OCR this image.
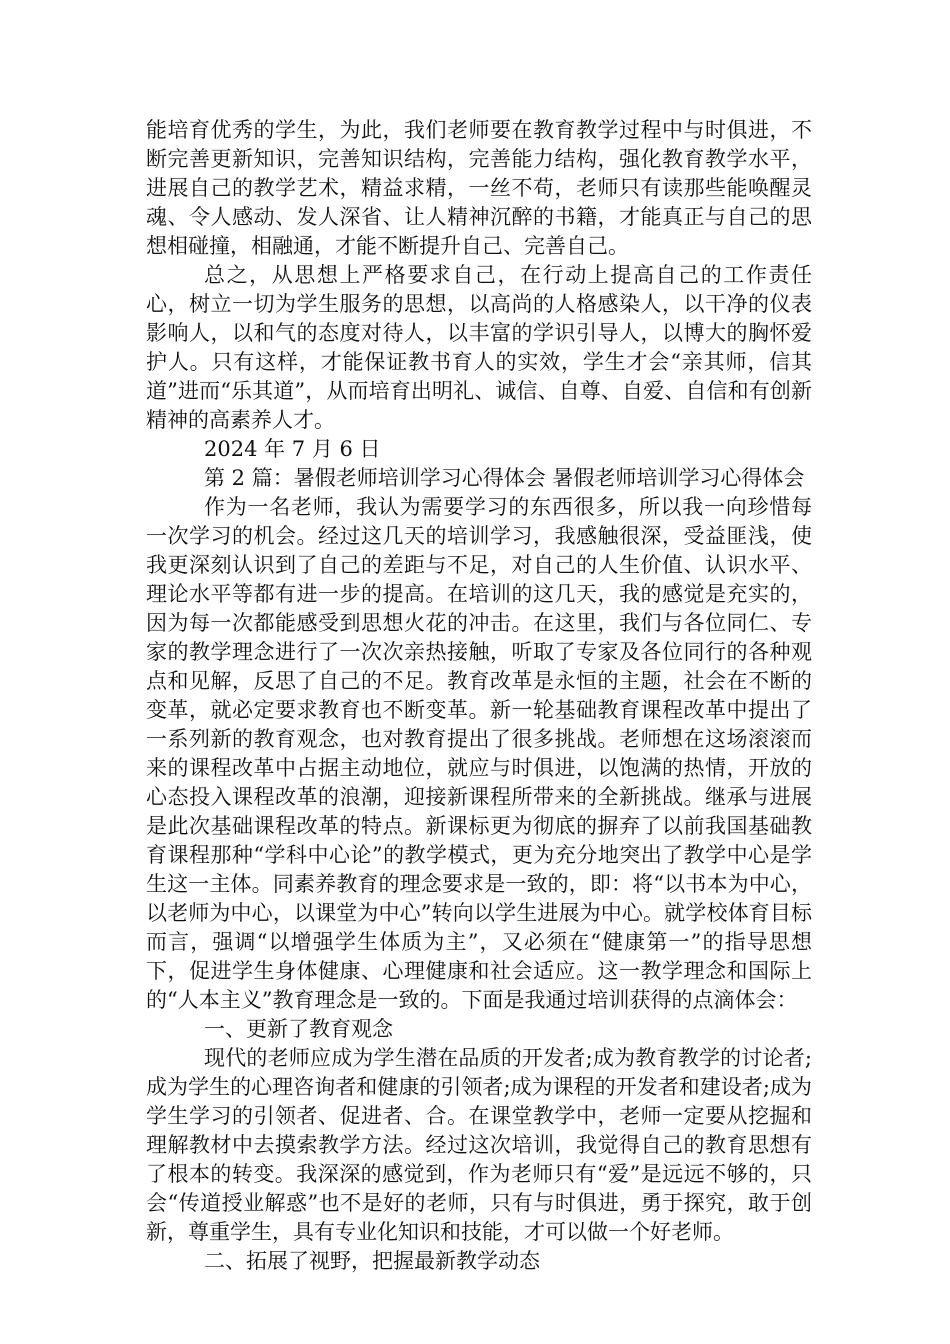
能培育优秀的学生，为此，我们老师要在教育教学过程中与时俱进，不断完善更新知识，完善知识结构，完善能力结构，强化教育教学水平，进展自己的教学艺术，精益求精，一丝不苟，老师只有读那些能唤醒灵魂、令人感动、发人深省、让人精神沉醉的书籍，才能真正与自己的思想相碰撞，相融通，才能不断提升自己、完善自己。

总之，从思想上严格要求自己，在行动上提高自己的工作责任心，树立一切为学生服务的思想，以高尚的人格感染人，以干净的仪表影响人，以和气的态度对待人，以丰富的学识引导人，以博大的胸怀爱护人。只有这样，才能保证教书育人的实效，学生才会“亲其师，信其道”进而“乐其道”，从而培育出明礼、诚信、自尊、自爱、自信和有创新精神的高素养人才。

2024 年 7 月 6 日

第 2 篇：暑假老师培训学习心得体会 暑假老师培训学习心得体会

作为一名老师，我认为需要学习的东西很多，所以我一向珍惜每一次学习的机会。经过这几天的培训学习，我感触很深，受益匪浅，使我更深刻认识到了自己的差距与不足，对自己的人生价值、认识水平、理论水平等都有进一步的提高。在培训的这几天，我的感觉是充实的，因为每一次都能感受到思想火花的冲击。在这里，我们与各位同仁、专家的教学理念进行了一次次亲热接触，听取了专家及各位同行的各种观点和见解，反思了自己的不足。教育改革是永恒的主题，社会在不断的变革，就必定要求教育也不断变革。新一轮基础教育课程改革中提出了一系列新的教育观念，也对教育提出了很多挑战。老师想在这场滚滚而来的课程改革中占据主动地位，就应与时俱进，以饱满的热情，开放的心态投入课程改革的浪潮，迎接新课程所带来的全新挑战。继承与进展是此次基础课程改革的特点。新课标更为彻底的摒弃了以前我国基础教育课程那种“学科中心论”的教学模式，更为充分地突出了教学中心是学生这一主体。同素养教育的理念要求是一致的，即：将“以书本为中心，以老师为中心，以课堂为中心”转向以学生进展为中心。就学校体育目标而言，强调“以增强学生体质为主”，又必须在“健康第一”的指导思想下，促进学生身体健康、心理健康和社会适应。这一教学理念和国际上的“人本主义”教育理念是一致的。下面是我通过培训获得的点滴体会：

一、更新了教育观念

现代的老师应成为学生潜在品质的开发者;成为教育教学的讨论者;成为学生的心理咨询者和健康的引领者;成为课程的开发者和建设者;成为学生学习的引领者、促进者、合。在课堂教学中，老师一定要从挖掘和理解教材中去摸索教学方法。经过这次培训，我觉得自己的教育思想有了根本的转变。我深深的感觉到，作为老师只有“爱”是远远不够的，只会“传道授业解惑”也不是好的老师，只有与时俱进，勇于探究，敢于创新，尊重学生，具有专业化知识和技能，才可以做一个好老师。

二、拓展了视野，把握最新教学动态
